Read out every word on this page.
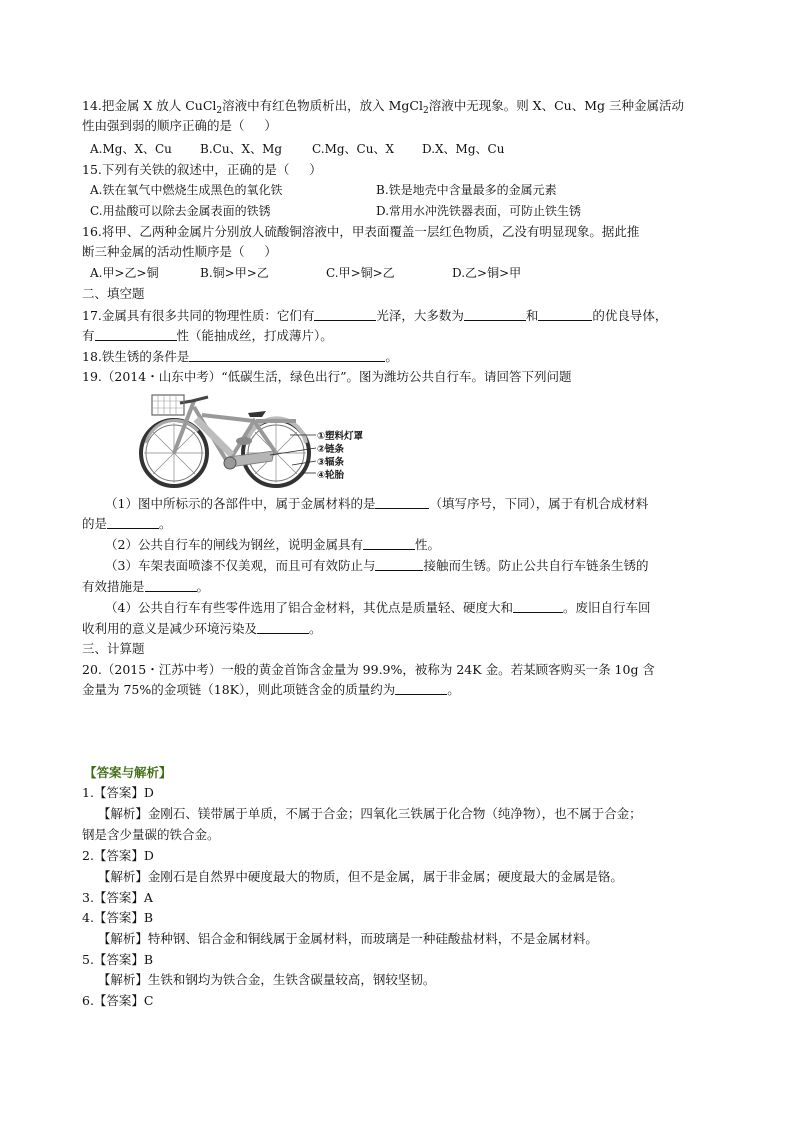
14.把金属 X 放人 CuCl$_2$溶液中有红色物质析出，放入 MgCl$_2$溶液中无现象。则 X、Cu、Mg 三种金属活动
性由强到弱的顺序正确的是（     ）
A.Mg、X、Cu	B.Cu、X、Mg	C.Mg、Cu、X	D.X、Mg、Cu
15.下列有关铁的叙述中，正确的是（     ）
A.铁在氧气中燃烧生成黑色的氧化铁	B.铁是地壳中含量最多的金属元素
C.用盐酸可以除去金属表面的铁锈	D.常用水冲洗铁器表面，可防止铁生锈
16.将甲、乙两种金属片分别放人硫酸铜溶液中，甲表面覆盖一层红色物质，乙没有明显现象。据此推
断三种金属的活动性顺序是（     ）
A.甲>乙>铜	B.铜>甲>乙	C.甲>铜>乙	D.乙>铜>甲
二、填空题
17.金属具有很多共同的物理性质：它们有	光泽，大多数为	和	的优良导体，
有	性（能抽成丝，打成薄片）。
18.铁生锈的条件是	。
19.（2014・山东中考）“低碳生活，绿色出行”。图为潍坊公共自行车。请回答下列问题
①塑料灯罩
②链条
③辐条
④轮胎
（1）图中所标示的各部件中，属于金属材料的是	（填写序号，下同），属于有机合成材料
的是	。
（2）公共自行车的闸线为钢丝，说明金属具有	性。
（3）车架表面喷漆不仅美观，而且可有效防止与	接触而生锈。防止公共自行车链条生锈的
有效措施是	。
（4）公共自行车有些零件选用了铝合金材料，其优点是质量轻、硬度大和	。废旧自行车回
收利用的意义是减少环境污染及	。
三、计算题
20.（2015・江苏中考）一般的黄金首饰含金量为 99.9%，被称为 24K 金。若某顾客购买一条 10g 含
金量为 75%的金项链（18K），则此项链含金的质量约为	。
【答案与解析】
1.【答案】D
【解析】金刚石、镁带属于单质，不属于合金；四氧化三铁属于化合物（纯净物），也不属于合金；
钢是含少量碳的铁合金。
2.【答案】D
【解析】金刚石是自然界中硬度最大的物质，但不是金属，属于非金属；硬度最大的金属是铬。
3.【答案】A
4.【答案】B
【解析】特种钢、铝合金和铜线属于金属材料，而玻璃是一种硅酸盐材料，不是金属材料。
5.【答案】B
【解析】生铁和钢均为铁合金，生铁含碳量较高，钢较坚韧。
6.【答案】C
